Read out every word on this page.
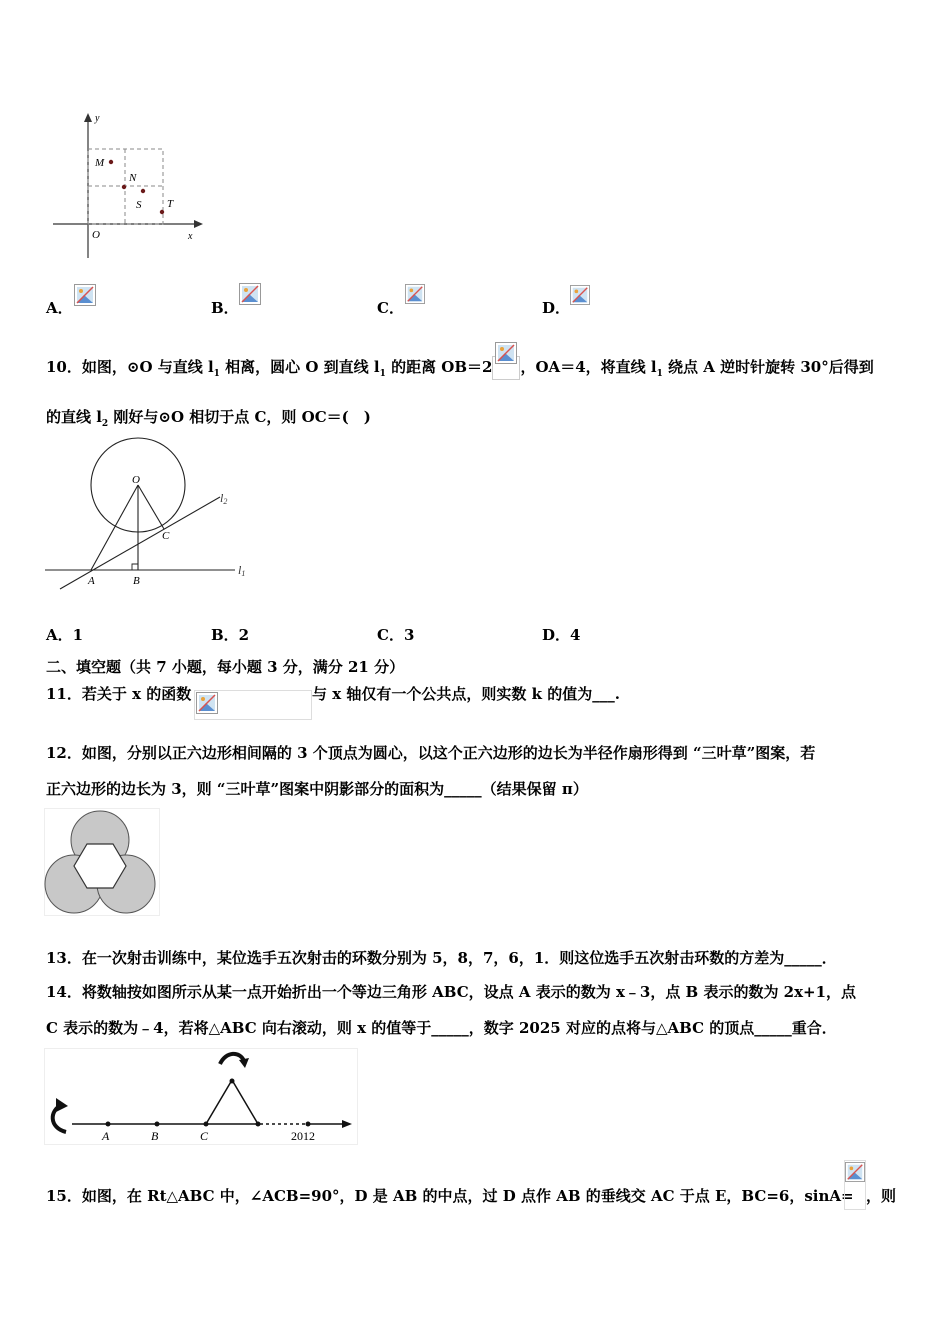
y
x
O
M
N
S T
A．	B．	C．	D．
10．如图，⊙O 与直线 $l_1$ 相离，圆心 O 到直线 $l_1$ 的距离 OB＝2 ，OA＝4，将直线 $l_1$ 绕点 A 逆时针旋转 30°后得到
的直线 $l_2$ 刚好与⊙O 相切于点 C，则 OC＝(　)
O
A	B
C
l2
l1
A．1	B．2	C．3	D．4
二、填空题（共 7 小题，每小题 3 分，满分 21 分）
11．若关于 x 的函数	与 x 轴仅有一个公共点，则实数 k 的值为___.
12．如图，分别以正六边形相间隔的 3 个顶点为圆心，以这个正六边形的边长为半径作扇形得到 “三叶草”图案，若
正六边形的边长为 3，则 “三叶草”图案中阴影部分的面积为_____（结果保留 π）
13．在一次射击训练中，某位选手五次射击的环数分别为 5，8，7，6，1．则这位选手五次射击环数的方差为_____．
14．将数轴按如图所示从某一点开始折出一个等边三角形 ABC，设点 A 表示的数为 x﹣3，点 B 表示的数为 2x+1，点
C 表示的数为﹣4，若将△ABC 向右滚动，则 x 的值等于_____，数字 2025 对应的点将与△ABC 的顶点_____重合．
A	B	C	2012
15．如图，在 Rt△ABC 中，∠ACB=90°，D 是 AB 的中点，过 D 点作 AB 的垂线交 AC 于点 E，BC=6，sinA= ，则
